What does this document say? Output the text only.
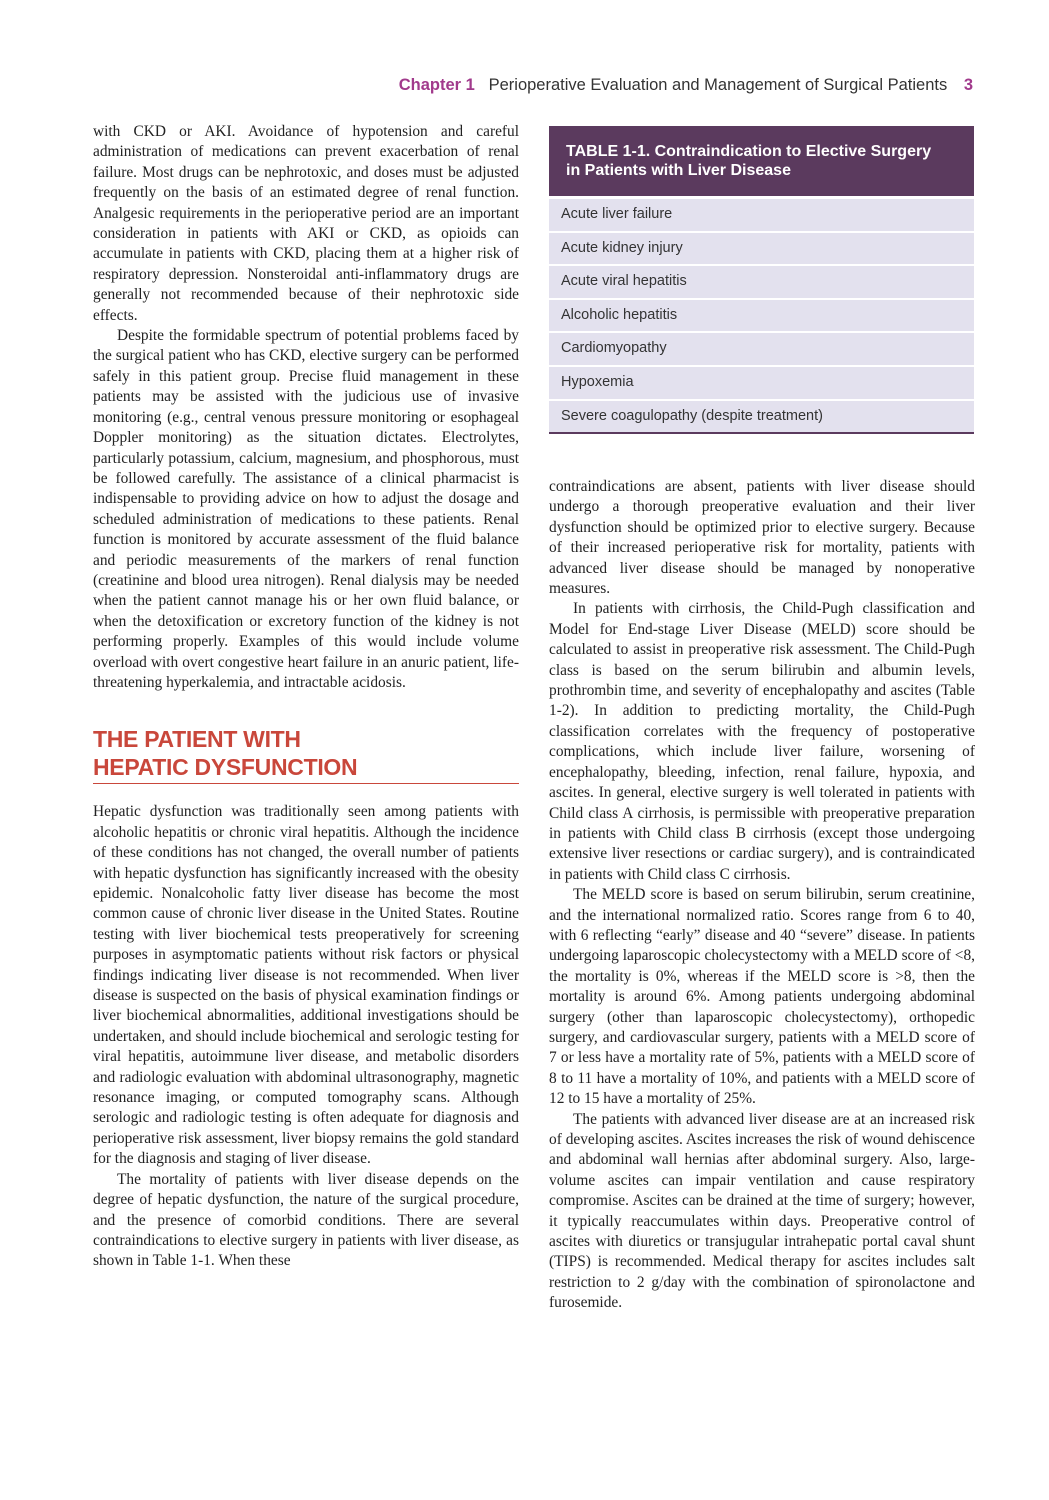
Chapter 1 Perioperative Evaluation and Management of Surgical Patients 3

with CKD or AKI. Avoidance of hypotension and careful administration of medications can prevent exacerbation of renal failure. Most drugs can be nephrotoxic, and doses must be adjusted frequently on the basis of an estimated degree of renal function. Analgesic requirements in the perioperative period are an important consideration in patients with AKI or CKD, as opioids can accumulate in patients with CKD, placing them at a higher risk of respiratory depression. Nonsteroidal anti-inflammatory drugs are generally not recommended because of their nephrotoxic side effects.

Despite the formidable spectrum of potential problems faced by the surgical patient who has CKD, elective surgery can be performed safely in this patient group. Precise fluid management in these patients may be assisted with the judicious use of invasive monitoring (e.g., central venous pressure monitoring or esophageal Doppler monitoring) as the situation dictates. Electrolytes, particularly potassium, calcium, magnesium, and phosphorous, must be followed carefully. The assistance of a clinical pharmacist is indispensable to providing advice on how to adjust the dosage and scheduled administration of medications to these patients. Renal function is monitored by accurate assessment of the fluid balance and periodic measurements of the markers of renal function (creatinine and blood urea nitrogen). Renal dialysis may be needed when the patient cannot manage his or her own fluid balance, or when the detoxification or excretory function of the kidney is not performing properly. Examples of this would include volume overload with overt congestive heart failure in an anuric patient, life-threatening hyperkalemia, and intractable acidosis.

THE PATIENT WITH
HEPATIC DYSFUNCTION

Hepatic dysfunction was traditionally seen among patients with alcoholic hepatitis or chronic viral hepatitis. Although the incidence of these conditions has not changed, the overall number of patients with hepatic dysfunction has significantly increased with the obesity epidemic. Nonalcoholic fatty liver disease has become the most common cause of chronic liver disease in the United States. Routine testing with liver biochemical tests preoperatively for screening purposes in asymptomatic patients without risk factors or physical findings indicating liver disease is not recommended. When liver disease is suspected on the basis of physical examination findings or liver biochemical abnormalities, additional investigations should be undertaken, and should include biochemical and serologic testing for viral hepatitis, autoimmune liver disease, and metabolic disorders and radiologic evaluation with abdominal ultrasonography, magnetic resonance imaging, or computed tomography scans. Although serologic and radiologic testing is often adequate for diagnosis and perioperative risk assessment, liver biopsy remains the gold standard for the diagnosis and staging of liver disease.

The mortality of patients with liver disease depends on the degree of hepatic dysfunction, the nature of the surgical procedure, and the presence of comorbid conditions. There are several contraindications to elective surgery in patients with liver disease, as shown in Table 1-1. When these

TABLE 1-1. Contraindication to Elective Surgery
in Patients with Liver Disease
Acute liver failure
Acute kidney injury
Acute viral hepatitis
Alcoholic hepatitis
Cardiomyopathy
Hypoxemia
Severe coagulopathy (despite treatment)

contraindications are absent, patients with liver disease should undergo a thorough preoperative evaluation and their liver dysfunction should be optimized prior to elective surgery. Because of their increased perioperative risk for mortality, patients with advanced liver disease should be managed by nonoperative measures.

In patients with cirrhosis, the Child-Pugh classification and Model for End-stage Liver Disease (MELD) score should be calculated to assist in preoperative risk assessment. The Child-Pugh class is based on the serum bilirubin and albumin levels, prothrombin time, and severity of encephalopathy and ascites (Table 1-2). In addition to predicting mortality, the Child-Pugh classification correlates with the frequency of postoperative complications, which include liver failure, worsening of encephalopathy, bleeding, infection, renal failure, hypoxia, and ascites. In general, elective surgery is well tolerated in patients with Child class A cirrhosis, is permissible with preoperative preparation in patients with Child class B cirrhosis (except those undergoing extensive liver resections or cardiac surgery), and is contraindicated in patients with Child class C cirrhosis.

The MELD score is based on serum bilirubin, serum creatinine, and the international normalized ratio. Scores range from 6 to 40, with 6 reflecting “early” disease and 40 “severe” disease. In patients undergoing laparoscopic cholecystectomy with a MELD score of <8, the mortality is 0%, whereas if the MELD score is >8, then the mortality is around 6%. Among patients undergoing abdominal surgery (other than laparoscopic cholecystectomy), orthopedic surgery, and cardiovascular surgery, patients with a MELD score of 7 or less have a mortality rate of 5%, patients with a MELD score of 8 to 11 have a mortality of 10%, and patients with a MELD score of 12 to 15 have a mortality of 25%.

The patients with advanced liver disease are at an increased risk of developing ascites. Ascites increases the risk of wound dehiscence and abdominal wall hernias after abdominal surgery. Also, large-volume ascites can impair ventilation and cause respiratory compromise. Ascites can be drained at the time of surgery; however, it typically reaccumulates within days. Preoperative control of ascites with diuretics or transjugular intrahepatic portal caval shunt (TIPS) is recommended. Medical therapy for ascites includes salt restriction to 2 g/day with the combination of spironolactone and furosemide.
